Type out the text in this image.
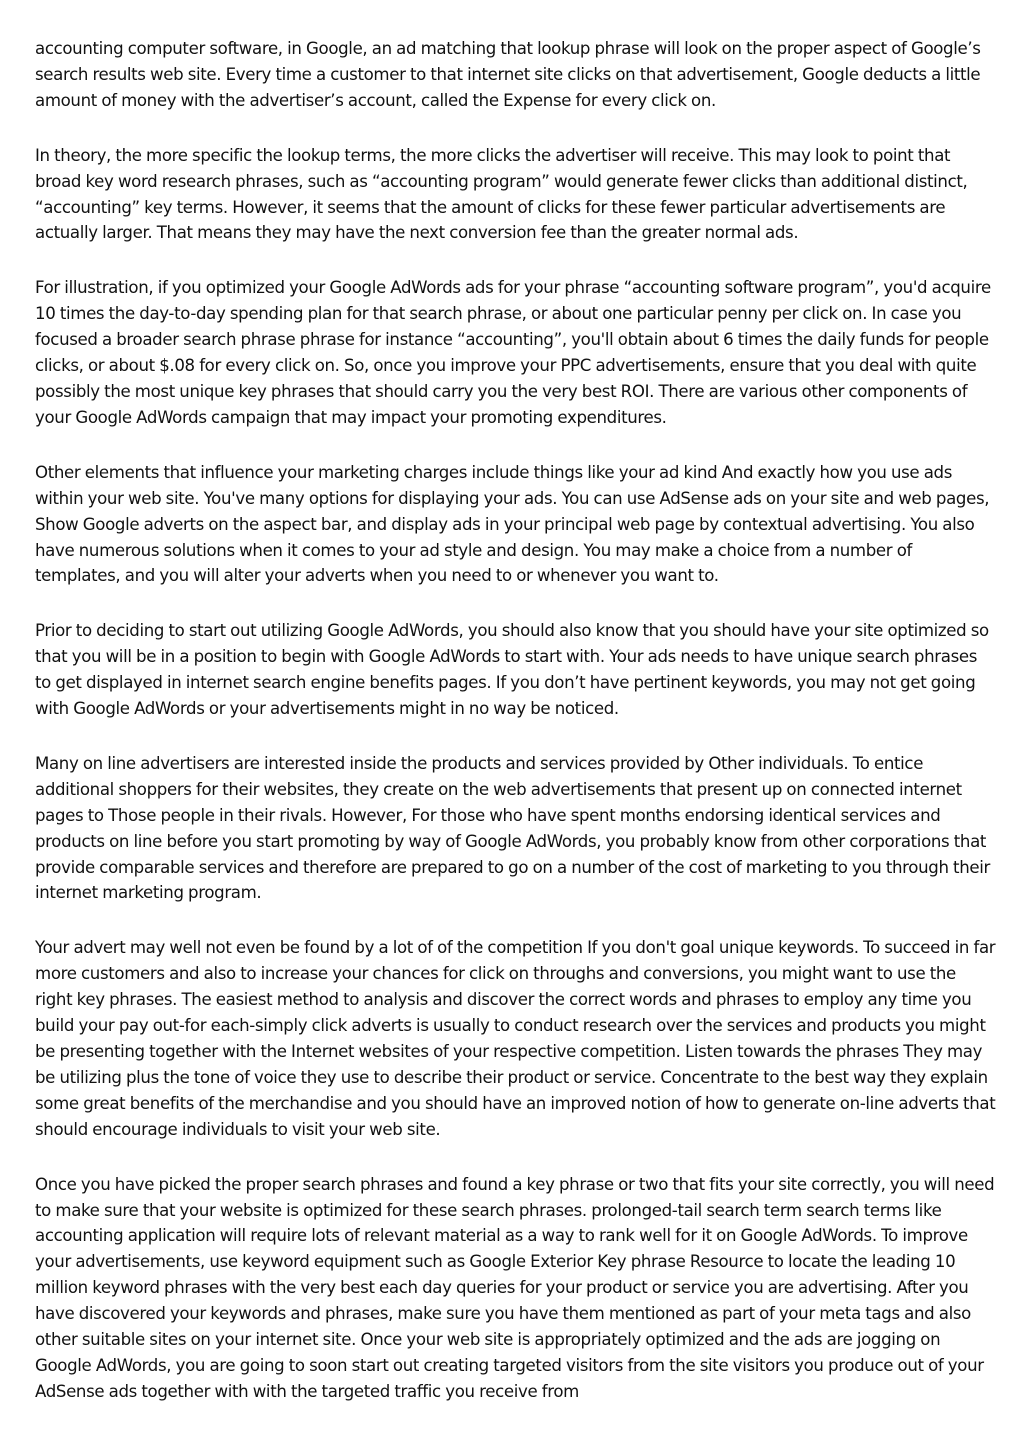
accounting computer software, in Google, an ad matching that lookup phrase will look on the proper aspect of Google’s search results web site. Every time a customer to that internet site clicks on that advertisement, Google deducts a little amount of money with the advertiser’s account, called the Expense for every click on.

In theory, the more specific the lookup terms, the more clicks the advertiser will receive. This may look to point that broad key word research phrases, such as “accounting program” would generate fewer clicks than additional distinct, “accounting” key terms. However, it seems that the amount of clicks for these fewer particular advertisements are actually larger. That means they may have the next conversion fee than the greater normal ads.

For illustration, if you optimized your Google AdWords ads for your phrase “accounting software program”, you'd acquire 10 times the day-to-day spending plan for that search phrase, or about one particular penny per click on. In case you focused a broader search phrase phrase for instance “accounting”, you'll obtain about 6 times the daily funds for people clicks, or about $.08 for every click on. So, once you improve your PPC advertisements, ensure that you deal with quite possibly the most unique key phrases that should carry you the very best ROI. There are various other components of your Google AdWords campaign that may impact your promoting expenditures.

Other elements that influence your marketing charges include things like your ad kind And exactly how you use ads within your web site. You've many options for displaying your ads. You can use AdSense ads on your site and web pages, Show Google adverts on the aspect bar, and display ads in your principal web page by contextual advertising. You also have numerous solutions when it comes to your ad style and design. You may make a choice from a number of templates, and you will alter your adverts when you need to or whenever you want to.

Prior to deciding to start out utilizing Google AdWords, you should also know that you should have your site optimized so that you will be in a position to begin with Google AdWords to start with. Your ads needs to have unique search phrases to get displayed in internet search engine benefits pages. If you don’t have pertinent keywords, you may not get going with Google AdWords or your advertisements might in no way be noticed.

Many on line advertisers are interested inside the products and services provided by Other individuals. To entice additional shoppers for their websites, they create on the web advertisements that present up on connected internet pages to Those people in their rivals. However, For those who have spent months endorsing identical services and products on line before you start promoting by way of Google AdWords, you probably know from other corporations that provide comparable services and therefore are prepared to go on a number of the cost of marketing to you through their internet marketing program.

Your advert may well not even be found by a lot of of the competition If you don't goal unique keywords. To succeed in far more customers and also to increase your chances for click on throughs and conversions, you might want to use the right key phrases. The easiest method to analysis and discover the correct words and phrases to employ any time you build your pay out-for each-simply click adverts is usually to conduct research over the services and products you might be presenting together with the Internet websites of your respective competition. Listen towards the phrases They may be utilizing plus the tone of voice they use to describe their product or service. Concentrate to the best way they explain some great benefits of the merchandise and you should have an improved notion of how to generate on-line adverts that should encourage individuals to visit your web site.

Once you have picked the proper search phrases and found a key phrase or two that fits your site correctly, you will need to make sure that your website is optimized for these search phrases. prolonged-tail search term search terms like accounting application will require lots of relevant material as a way to rank well for it on Google AdWords. To improve your advertisements, use keyword equipment such as Google Exterior Key phrase Resource to locate the leading 10 million keyword phrases with the very best each day queries for your product or service you are advertising. After you have discovered your keywords and phrases, make sure you have them mentioned as part of your meta tags and also other suitable sites on your internet site. Once your web site is appropriately optimized and the ads are jogging on Google AdWords, you are going to soon start out creating targeted visitors from the site visitors you produce out of your AdSense ads together with with the targeted traffic you receive from
